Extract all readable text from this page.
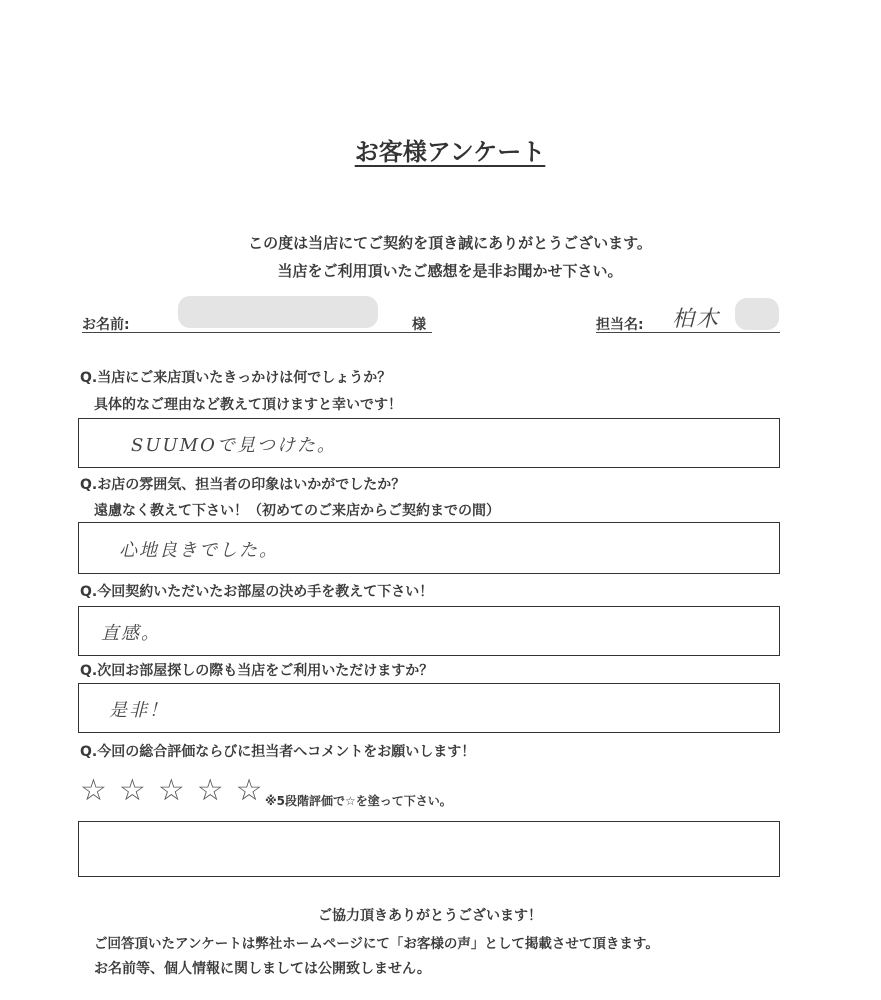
お客様アンケート
この度は当店にてご契約を頂き誠にありがとうございます。
当店をご利用頂いたご感想を是非お聞かせ下さい。
お名前:	様	担当名: 柏木
Q.当店にご来店頂いたきっかけは何でしょうか？
具体的なご理由など教えて頂けますと幸いです！
SUUMOで見つけた。
Q.お店の雰囲気、担当者の印象はいかがでしたか？
遠慮なく教えて下さい！（初めてのご来店からご契約までの間）
心地良きでした。
Q.今回契約いただいたお部屋の決め手を教えて下さい！
直感。
Q.次回お部屋探しの際も当店をご利用いただけますか？
是非！
Q.今回の総合評価ならびに担当者へコメントをお願いします！
☆ ☆ ☆ ☆ ☆ ※5段階評価で☆を塗って下さい。
ご協力頂きありがとうございます！
ご回答頂いたアンケートは弊社ホームページにて「お客様の声」として掲載させて頂きます。
お名前等、個人情報に関しましては公開致しません。
